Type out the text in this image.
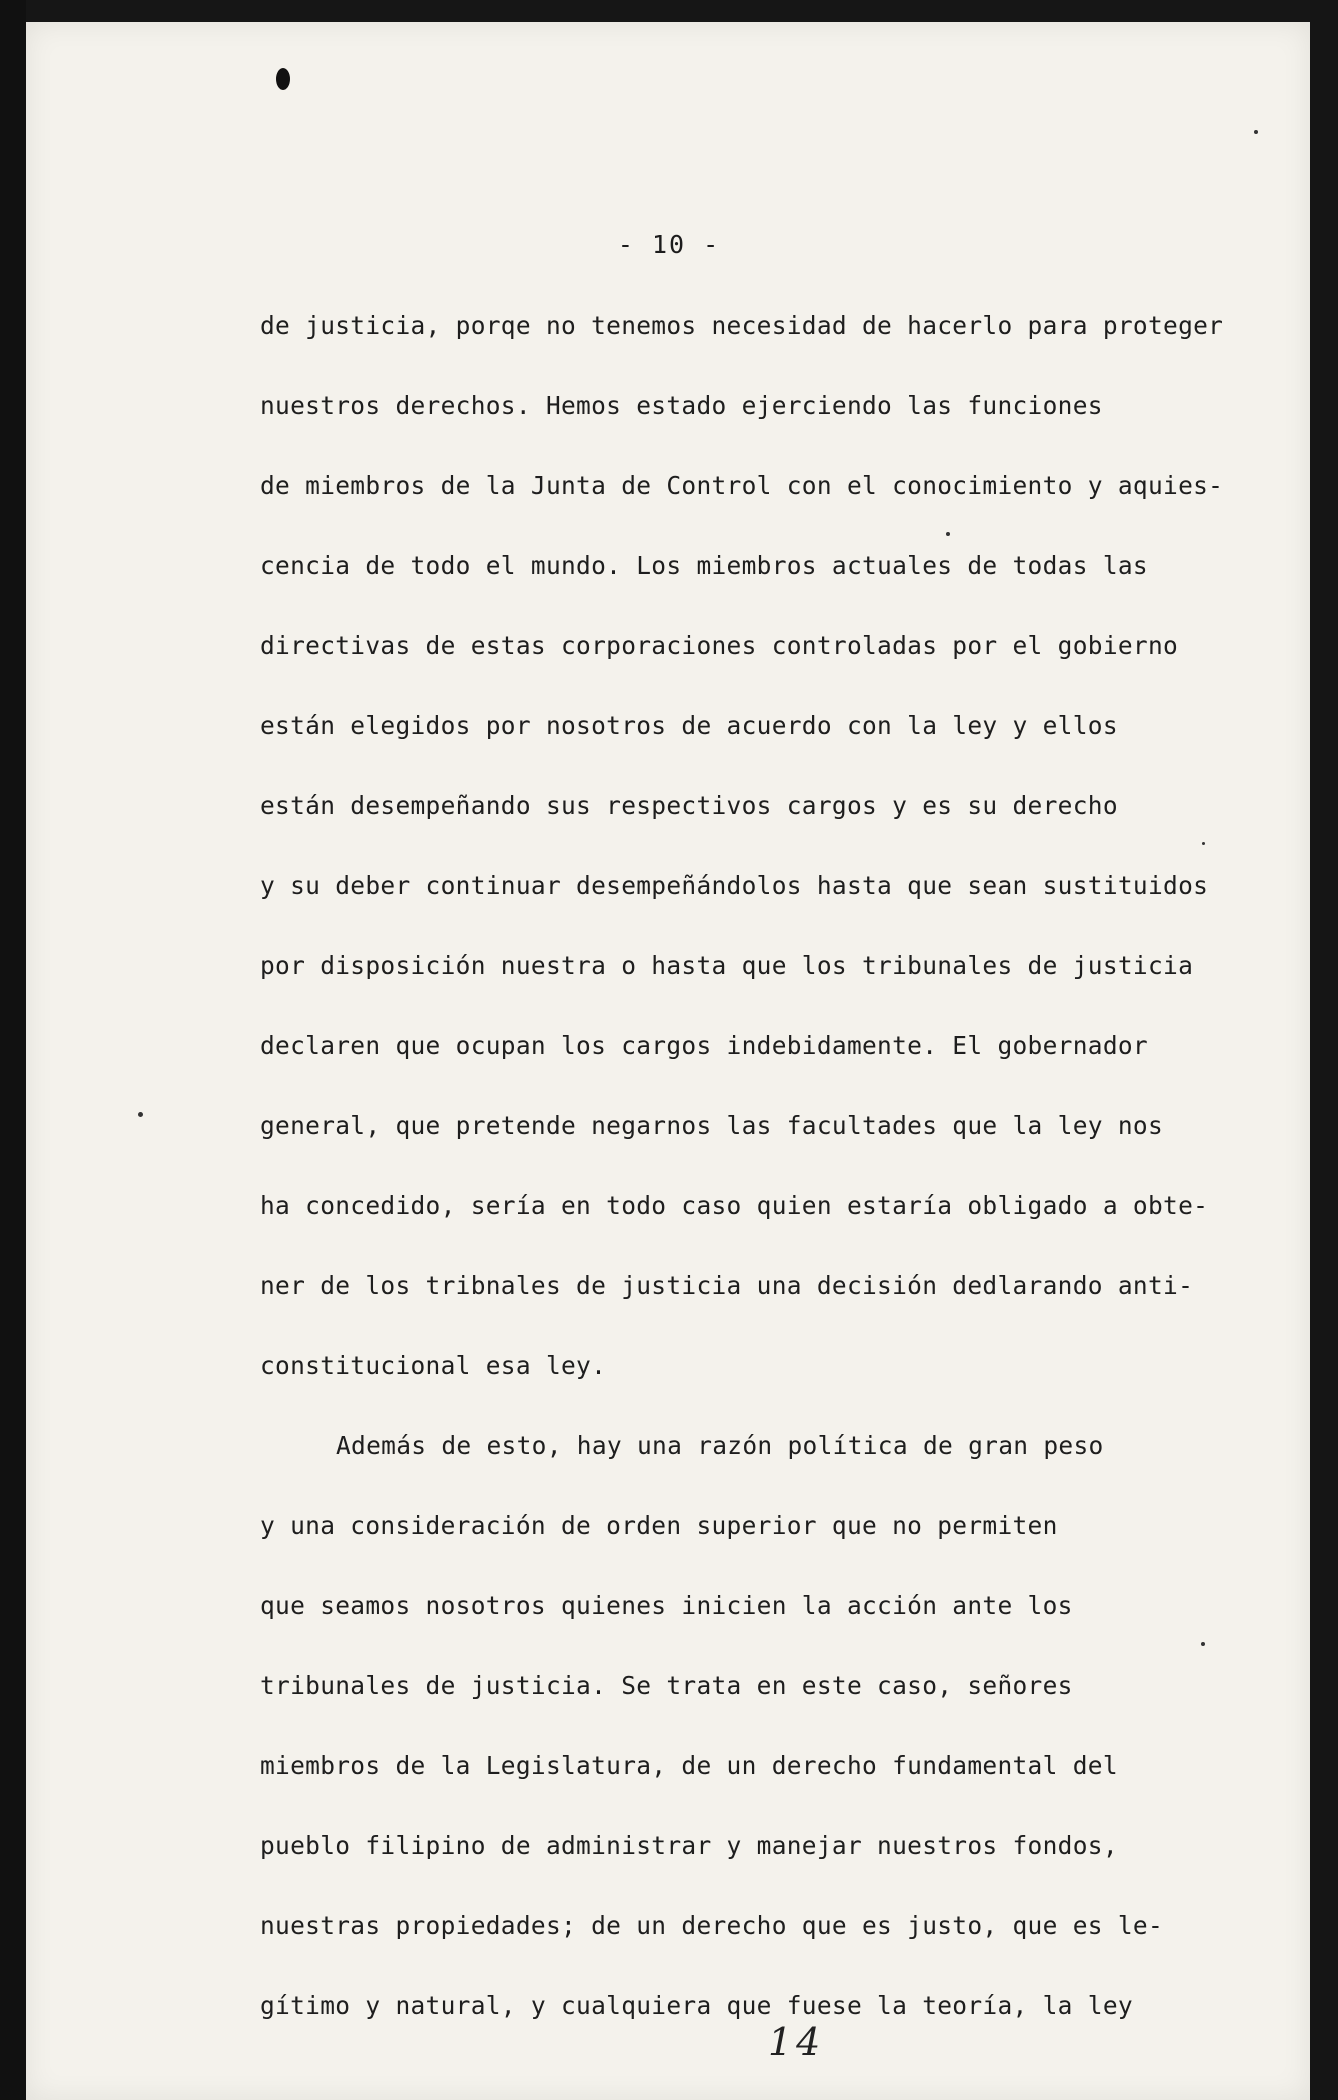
- 10 -
de justicia, porqe no tenemos necesidad de hacerlo para proteger
nuestros derechos. Hemos estado ejerciendo las funciones
de miembros de la Junta de Control con el conocimiento y aquies-
cencia de todo el mundo. Los miembros actuales de todas las
directivas de estas corporaciones controladas por el gobierno
están elegidos por nosotros de acuerdo con la ley y ellos
están desempeñando sus respectivos cargos y es su derecho
y su deber continuar desempeñándolos hasta que sean sustituidos
por disposición nuestra o hasta que los tribunales de justicia
declaren que ocupan los cargos indebidamente. El gobernador
general, que pretende negarnos las facultades que la ley nos
ha concedido, sería en todo caso quien estaría obligado a obte-
ner de los tribnales de justicia una decisión dedlarando anti-
constitucional esa ley.
Además de esto, hay una razón política de gran peso
y una consideración de orden superior que no permiten
que seamos nosotros quienes inicien la acción ante los
tribunales de justicia. Se trata en este caso, señores
miembros de la Legislatura, de un derecho fundamental del
pueblo filipino de administrar y manejar nuestros fondos,
nuestras propiedades; de un derecho que es justo, que es le-
gítimo y natural, y cualquiera que fuese la teoría, la ley
14
